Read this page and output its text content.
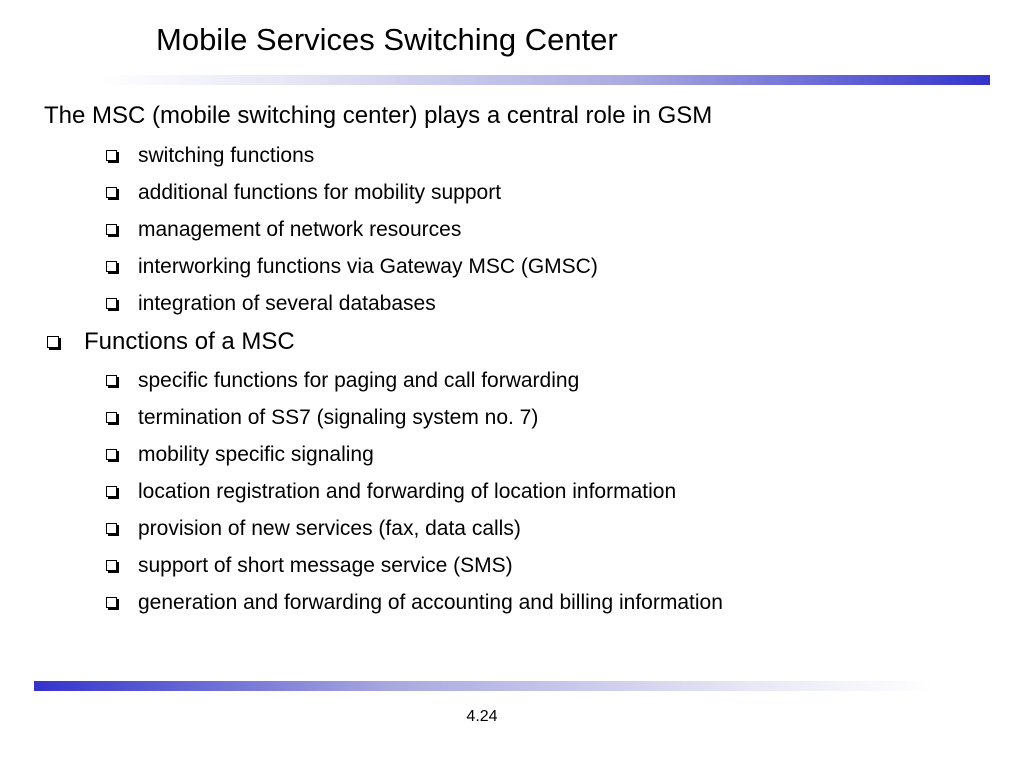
Mobile Services Switching Center

The MSC (mobile switching center) plays a central role in GSM

switching functions
additional functions for mobility support
management of network resources
interworking functions via Gateway MSC (GMSC)
integration of several databases
Functions of a MSC
specific functions for paging and call forwarding
termination of SS7 (signaling system no. 7)
mobility specific signaling
location registration and forwarding of location information
provision of new services (fax, data calls)
support of short message service (SMS)
generation and forwarding of accounting and billing information
4.24
